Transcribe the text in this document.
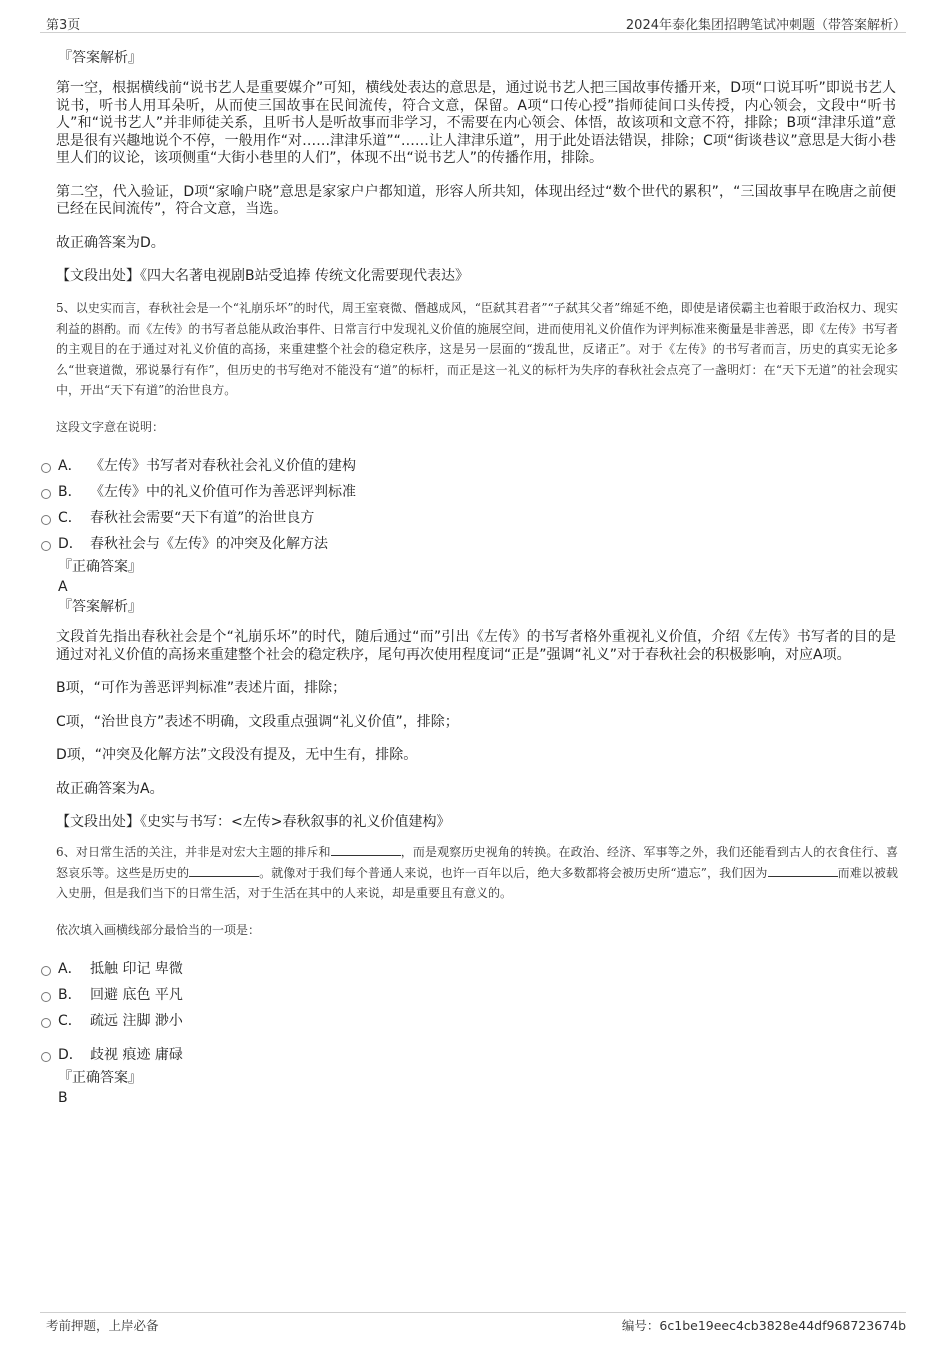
第3页	2024年泰化集团招聘笔试冲刺题（带答案解析）
『答案解析』

第一空，根据横线前“说书艺人是重要媒介”可知，横线处表达的意思是，通过说书艺人把三国故事传播开来，D项“口说耳听”即说书艺人说书，听书人用耳朵听，从而使三国故事在民间流传，符合文意，保留。A项“口传心授”指师徒间口头传授，内心领会，文段中“听书人”和“说书艺人”并非师徒关系，且听书人是听故事而非学习，不需要在内心领会、体悟，故该项和文意不符，排除；B项“津津乐道”意思是很有兴趣地说个不停，一般用作“对……津津乐道”“……让人津津乐道”，用于此处语法错误，排除；C项“街谈巷议”意思是大街小巷里人们的议论，该项侧重“大街小巷里的人们”，体现不出“说书艺人”的传播作用，排除。

第二空，代入验证，D项“家喻户晓”意思是家家户户都知道，形容人所共知，体现出经过“数个世代的累积”，“三国故事早在晚唐之前便已经在民间流传”，符合文意，当选。

故正确答案为D。

【文段出处】《四大名著电视剧B站受追捧 传统文化需要现代表达》

5、以史实而言，春秋社会是一个“礼崩乐坏”的时代，周王室衰微、僭越成风，“臣弑其君者”“子弑其父者”绵延不绝，即使是诸侯霸主也着眼于政治权力、现实利益的斟酌。而《左传》的书写者总能从政治事件、日常言行中发现礼义价值的施展空间，进而使用礼义价值作为评判标准来衡量是非善恶，即《左传》书写者的主观目的在于通过对礼义价值的高扬，来重建整个社会的稳定秩序，这是另一层面的“拨乱世，反诸正”。对于《左传》的书写者而言，历史的真实无论多么“世衰道微，邪说暴行有作”，但历史的书写绝对不能没有“道”的标杆，而正是这一礼义的标杆为失序的春秋社会点亮了一盏明灯：在“天下无道”的社会现实中，开出“天下有道”的治世良方。

这段文字意在说明：

A． 《左传》书写者对春秋社会礼义价值的建构
B． 《左传》中的礼义价值可作为善恶评判标准
C． 春秋社会需要“天下有道”的治世良方
D． 春秋社会与《左传》的冲突及化解方法
『正确答案』
A
『答案解析』

文段首先指出春秋社会是个“礼崩乐坏”的时代，随后通过“而”引出《左传》的书写者格外重视礼义价值，介绍《左传》书写者的目的是通过对礼义价值的高扬来重建整个社会的稳定秩序，尾句再次使用程度词“正是”强调“礼义”对于春秋社会的积极影响，对应A项。

B项，“可作为善恶评判标准”表述片面，排除；

C项，“治世良方”表述不明确，文段重点强调“礼义价值”，排除；

D项，“冲突及化解方法”文段没有提及，无中生有，排除。

故正确答案为A。

【文段出处】《史实与书写：<左传>春秋叙事的礼义价值建构》

6、对日常生活的关注，并非是对宏大主题的排斥和	，而是观察历史视角的转换。在政治、经济、军事等之外，我们还能看到古人的衣食住行、喜怒哀乐等。这些是历史的	。就像对于我们每个普通人来说，也许一百年以后，绝大多数都将会被历史所“遗忘”，我们因为	而难以被载入史册，但是我们当下的日常生活，对于生活在其中的人来说，却是重要且有意义的。

依次填入画横线部分最恰当的一项是：

A． 抵触 印记 卑微
B． 回避 底色 平凡
C． 疏远 注脚 渺小
D． 歧视 痕迹 庸碌
『正确答案』
B
考前押题，上岸必备	编号：6c1be19eec4cb3828e44df968723674b
